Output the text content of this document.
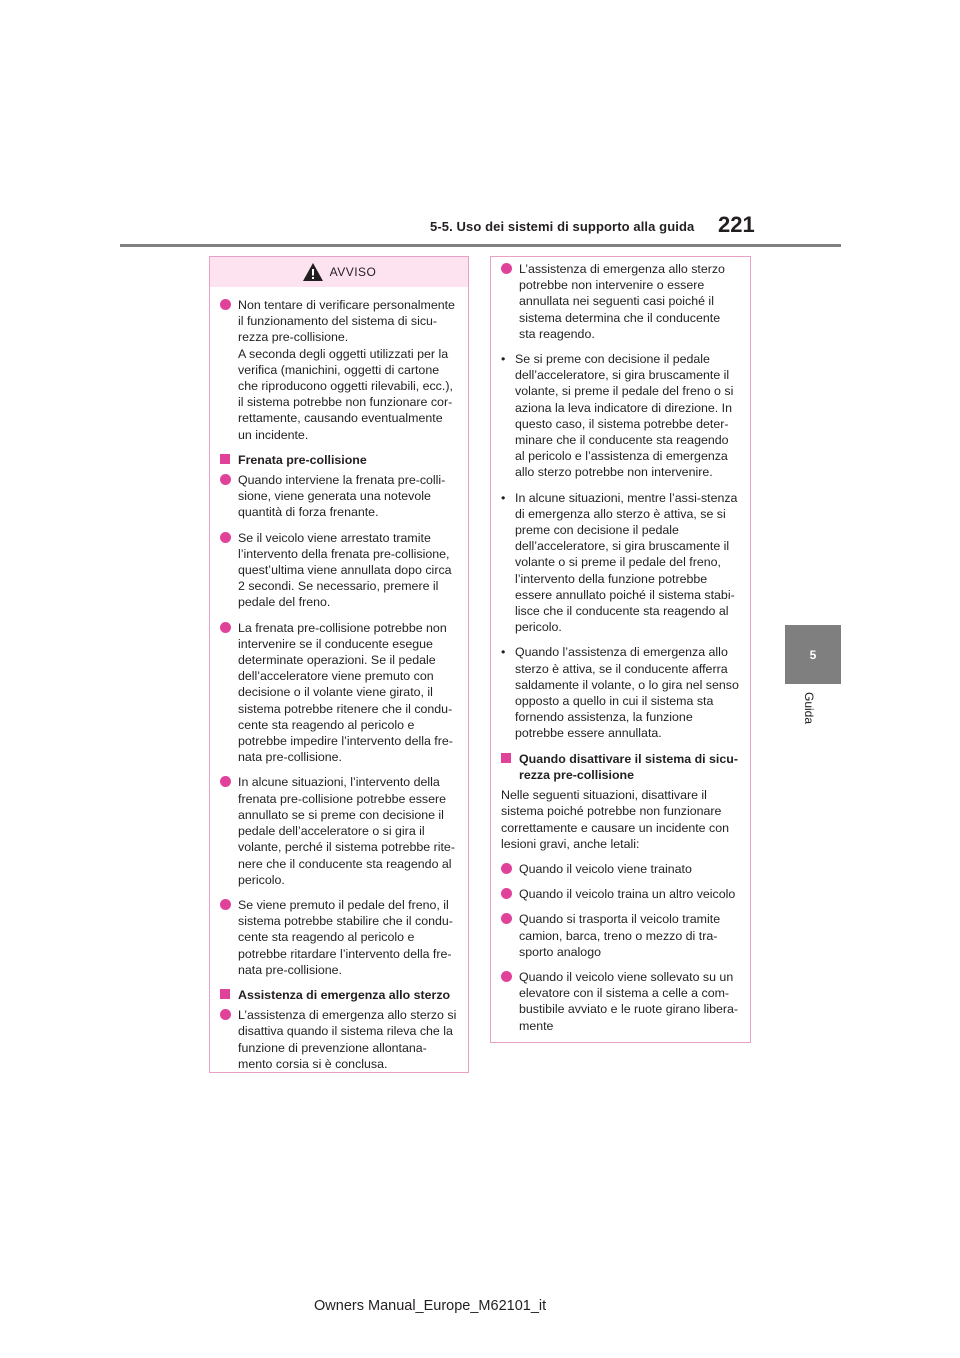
5-5. Uso dei sistemi di supporto alla guida 221
5
Guida
AVVISO
Non tentare di verificare personalmente il funzionamento del sistema di sicu-rezza pre-collisione.
A seconda degli oggetti utilizzati per la verifica (manichini, oggetti di cartone che riproducono oggetti rilevabili, ecc.), il sistema potrebbe non funzionare cor-rettamente, causando eventualmente un incidente.
Frenata pre-collisione
Quando interviene la frenata pre-colli-sione, viene generata una notevole quantità di forza frenante.
Se il veicolo viene arrestato tramite l’intervento della frenata pre-collisione, quest’ultima viene annullata dopo circa 2 secondi. Se necessario, premere il pedale del freno.
La frenata pre-collisione potrebbe non intervenire se il conducente esegue determinate operazioni. Se il pedale dell’acceleratore viene premuto con decisione o il volante viene girato, il sistema potrebbe ritenere che il condu-cente sta reagendo al pericolo e potrebbe impedire l’intervento della fre-nata pre-collisione.
In alcune situazioni, l’intervento della frenata pre-collisione potrebbe essere annullato se si preme con decisione il pedale dell’acceleratore o si gira il volante, perché il sistema potrebbe rite-nere che il conducente sta reagendo al pericolo.
Se viene premuto il pedale del freno, il sistema potrebbe stabilire che il condu-cente sta reagendo al pericolo e potrebbe ritardare l’intervento della fre-nata pre-collisione.
Assistenza di emergenza allo sterzo
L’assistenza di emergenza allo sterzo si disattiva quando il sistema rileva che la funzione di prevenzione allontana-mento corsia si è conclusa.
L’assistenza di emergenza allo sterzo potrebbe non intervenire o essere annullata nei seguenti casi poiché il sistema determina che il conducente sta reagendo.
• Se si preme con decisione il pedale dell’acceleratore, si gira bruscamente il volante, si preme il pedale del freno o si aziona la leva indicatore di direzione. In questo caso, il sistema potrebbe deter-minare che il conducente sta reagendo al pericolo e l’assistenza di emergenza allo sterzo potrebbe non intervenire.
• In alcune situazioni, mentre l’assi-stenza di emergenza allo sterzo è attiva, se si preme con decisione il pedale dell’acceleratore, si gira bruscamente il volante o si preme il pedale del freno, l’intervento della funzione potrebbe essere annullato poiché il sistema stabi-lisce che il conducente sta reagendo al pericolo.
• Quando l’assistenza di emergenza allo sterzo è attiva, se il conducente afferra saldamente il volante, o lo gira nel senso opposto a quello in cui il sistema sta fornendo assistenza, la funzione potrebbe essere annullata.
Quando disattivare il sistema di sicu-rezza pre-collisione
Nelle seguenti situazioni, disattivare il sistema poiché potrebbe non funzionare correttamente e causare un incidente con lesioni gravi, anche letali:
Quando il veicolo viene trainato
Quando il veicolo traina un altro veicolo
Quando si trasporta il veicolo tramite camion, barca, treno o mezzo di tra-sporto analogo
Quando il veicolo viene sollevato su un elevatore con il sistema a celle a com-bustibile avviato e le ruote girano libera-mente
Owners Manual_Europe_M62101_it
